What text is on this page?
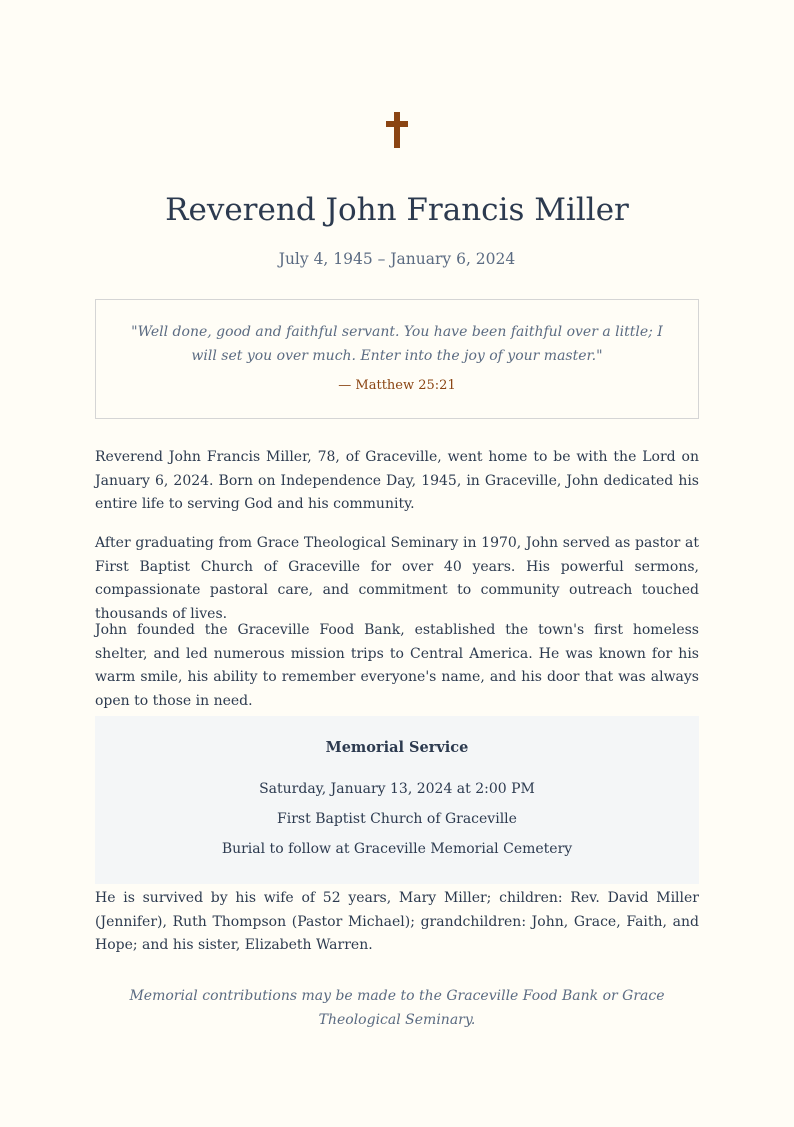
Reverend John Francis Miller
July 4, 1945 – January 6, 2024
"Well done, good and faithful servant. You have been faithful over a little; I will set you over much. Enter into the joy of your master."
— Matthew 25:21

Reverend John Francis Miller, 78, of Graceville, went home to be with the Lord on January 6, 2024. Born on Independence Day, 1945, in Graceville, John dedicated his entire life to serving God and his community.

After graduating from Grace Theological Seminary in 1970, John served as pastor at First Baptist Church of Graceville for over 40 years. His powerful sermons, compassionate pastoral care, and commitment to community outreach touched thousands of lives.

John founded the Graceville Food Bank, established the town's first homeless shelter, and led numerous mission trips to Central America. He was known for his warm smile, his ability to remember everyone's name, and his door that was always open to those in need.

Memorial Service
Saturday, January 13, 2024 at 2:00 PM
First Baptist Church of Graceville
Burial to follow at Graceville Memorial Cemetery

He is survived by his wife of 52 years, Mary Miller; children: Rev. David Miller (Jennifer), Ruth Thompson (Pastor Michael); grandchildren: John, Grace, Faith, and Hope; and his sister, Elizabeth Warren.

Memorial contributions may be made to the Graceville Food Bank or Grace Theological Seminary.
